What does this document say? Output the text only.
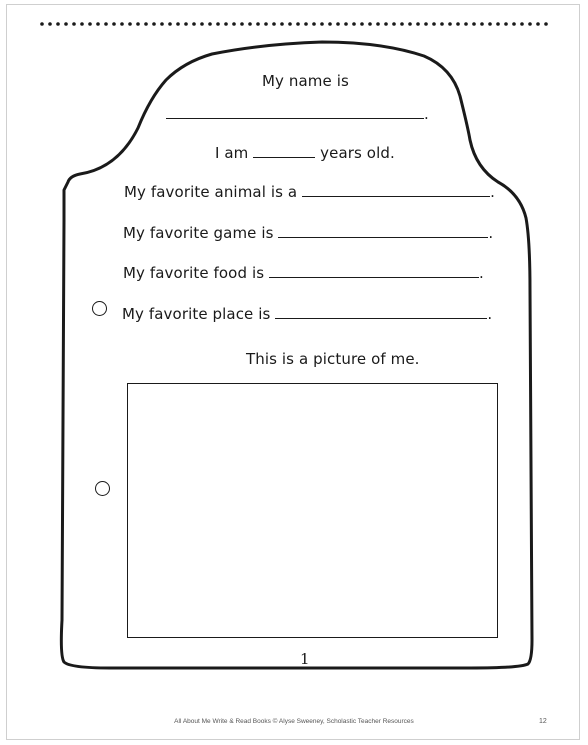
My name is
.
I am	years old.
My favorite animal is a	.
My favorite game is	.
My favorite food is	.
My favorite place is	.
This is a picture of me.
1
All About Me Write & Read Books © Alyse Sweeney, Scholastic Teacher Resources	12
